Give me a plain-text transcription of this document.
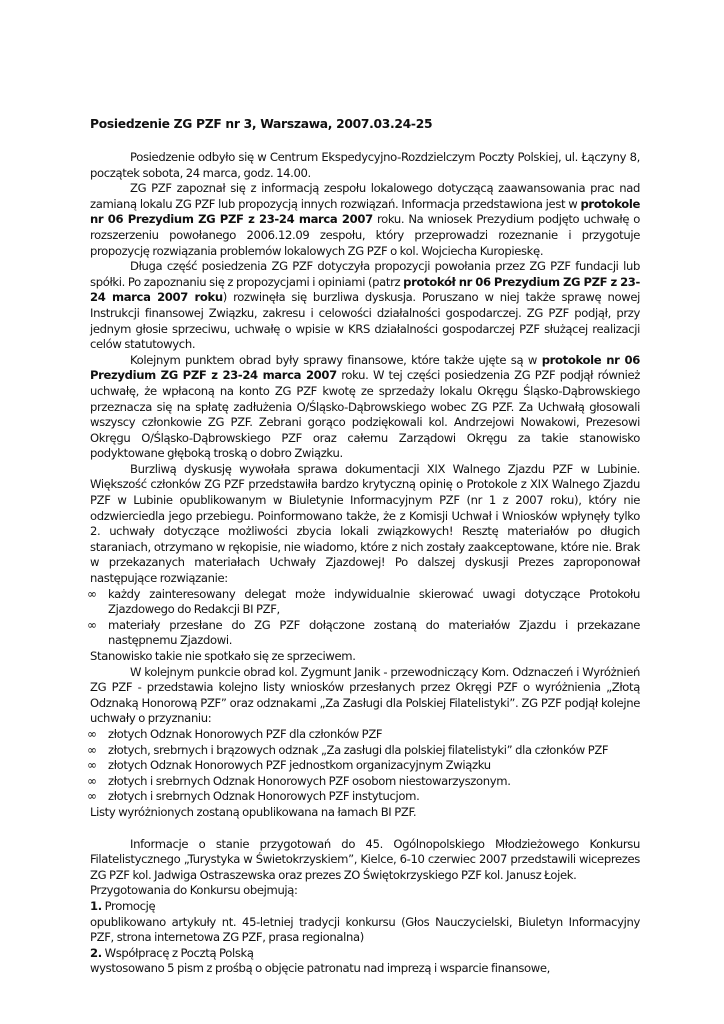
Posiedzenie ZG PZF nr 3, Warszawa, 2007.03.24-25

Posiedzenie odbyło się w Centrum Ekspedycyjno-Rozdzielczym Poczty Polskiej, ul. Łączyny 8, początek sobota, 24 marca, godz. 14.00.

ZG PZF zapoznał się z informacją zespołu lokalowego dotyczącą zaawansowania prac nad zamianą lokalu ZG PZF lub propozycją innych rozwiązań. Informacja przedstawiona jest w protokole nr 06 Prezydium ZG PZF z 23-24 marca 2007 roku. Na wniosek Prezydium podjęto uchwałę o rozszerzeniu powołanego 2006.12.09 zespołu, który przeprowadzi rozeznanie i przygotuje propozycję rozwiązania problemów lokalowych ZG PZF o kol. Wojciecha Kuropieskę.

Długa część posiedzenia ZG PZF dotyczyła propozycji powołania przez ZG PZF fundacji lub spółki. Po zapoznaniu się z propozycjami i opiniami (patrz protokół nr 06 Prezydium ZG PZF z 23-24 marca 2007 roku) rozwinęła się burzliwa dyskusja. Poruszano w niej także sprawę nowej Instrukcji finansowej Związku, zakresu i celowości działalności gospodarczej. ZG PZF podjął, przy jednym głosie sprzeciwu, uchwałę o wpisie w KRS działalności gospodarczej PZF służącej realizacji celów statutowych.

Kolejnym punktem obrad były sprawy finansowe, które także ujęte są w protokole nr 06 Prezydium ZG PZF z 23-24 marca 2007 roku. W tej części posiedzenia ZG PZF podjął również uchwałę, że wpłaconą na konto ZG PZF kwotę ze sprzedaży lokalu Okręgu Śląsko-Dąbrowskiego przeznacza się na spłatę zadłużenia O/Śląsko-Dąbrowskiego wobec ZG PZF. Za Uchwałą głosowali wszyscy członkowie ZG PZF. Zebrani gorąco podziękowali kol. Andrzejowi Nowakowi, Prezesowi Okręgu O/Śląsko-Dąbrowskiego PZF oraz całemu Zarządowi Okręgu za takie stanowisko podyktowane głęboką troską o dobro Związku.

Burzliwą dyskusję wywołała sprawa dokumentacji XIX Walnego Zjazdu PZF w Lubinie. Większość członków ZG PZF przedstawiła bardzo krytyczną opinię o Protokole z XIX Walnego Zjazdu PZF w Lubinie opublikowanym w Biuletynie Informacyjnym PZF (nr 1 z 2007 roku), który nie odzwierciedla jego przebiegu. Poinformowano także, że z Komisji Uchwał i Wniosków wpłynęły tylko 2. uchwały dotyczące możliwości zbycia lokali związkowych! Resztę materiałów po długich staraniach, otrzymano w rękopisie, nie wiadomo, które z nich zostały zaakceptowane, które nie. Brak w przekazanych materiałach Uchwały Zjazdowej! Po dalszej dyskusji Prezes zaproponował następujące rozwiązanie:

∞ każdy zainteresowany delegat może indywidualnie skierować uwagi dotyczące Protokołu Zjazdowego do Redakcji BI PZF,
∞ materiały przesłane do ZG PZF dołączone zostaną do materiałów Zjazdu i przekazane następnemu Zjazdowi.

Stanowisko takie nie spotkało się ze sprzeciwem.

W kolejnym punkcie obrad kol. Zygmunt Janik - przewodniczący Kom. Odznaczeń i Wyróżnień ZG PZF - przedstawia kolejno listy wniosków przesłanych przez Okręgi PZF o wyróżnienia „Złotą Odznaką Honorową PZF” oraz odznakami „Za Zasługi dla Polskiej Filatelistyki”. ZG PZF podjął kolejne uchwały o przyznaniu:

∞ złotych Odznak Honorowych PZF dla członków PZF
∞ złotych, srebrnych i brązowych odznak „Za zasługi dla polskiej filatelistyki” dla członków PZF
∞ złotych Odznak Honorowych PZF jednostkom organizacyjnym Związku
∞ złotych i srebrnych Odznak Honorowych PZF osobom niestowarzyszonym.
∞ złotych i srebrnych Odznak Honorowych PZF instytucjom.

Listy wyróżnionych zostaną opublikowana na łamach BI PZF.

Informacje o stanie przygotowań do 45. Ogólnopolskiego Młodzieżowego Konkursu Filatelistycznego „Turystyka w Świetokrzyskiem”, Kielce, 6-10 czerwiec 2007 przedstawili wiceprezes ZG PZF kol. Jadwiga Ostraszewska oraz prezes ZO Świętokrzyskiego PZF kol. Janusz Łojek.

Przygotowania do Konkursu obejmują:

1. Promocję

opublikowano artykuły nt. 45-letniej tradycji konkursu (Głos Nauczycielski, Biuletyn Informacyjny PZF, strona internetowa ZG PZF, prasa regionalna)

2. Współpracę z Pocztą Polską

wystosowano 5 pism z prośbą o objęcie patronatu nad imprezą i wsparcie finansowe,
